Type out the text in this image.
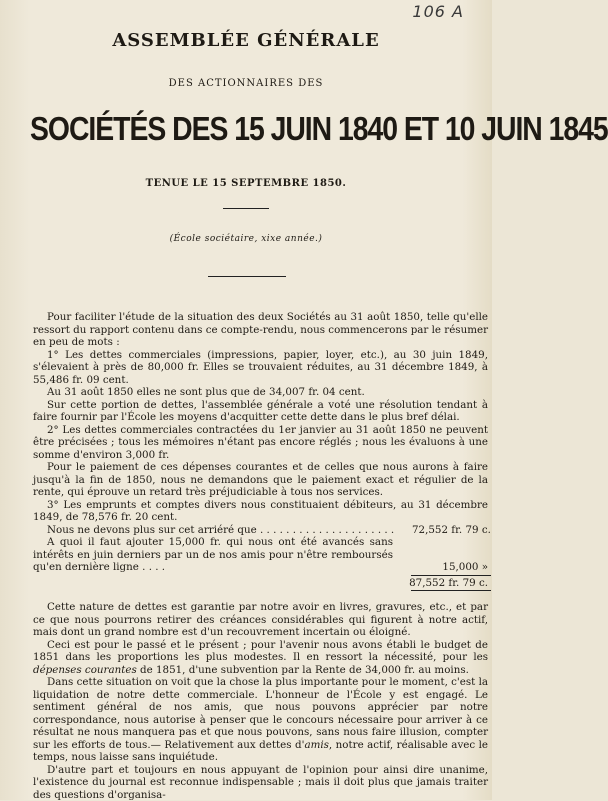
106 A
ASSEMBLÉE GÉNÉRALE
DES ACTIONNAIRES DES
SOCIÉTÉS DES 15 JUIN 1840 ET 10 JUIN 1845
TENUE LE 15 SEPTEMBRE 1850.
(École sociétaire, xixe année.)

Pour faciliter l'étude de la situation des deux Sociétés au 31 août 1850, telle qu'elle ressort du rapport contenu dans ce compte-rendu, nous commencerons par le résumer en peu de mots :

1° Les dettes commerciales (impressions, papier, loyer, etc.), au 30 juin 1849, s'élevaient à près de 80,000 fr. Elles se trouvaient réduites, au 31 décembre 1849, à 55,486 fr. 09 cent.

Au 31 août 1850 elles ne sont plus que de 34,007 fr. 04 cent.

Sur cette portion de dettes, l'assemblée générale a voté une résolution tendant à faire fournir par l'École les moyens d'acquitter cette dette dans le plus bref délai.

2° Les dettes commerciales contractées du 1er janvier au 31 août 1850 ne peuvent être précisées ; tous les mémoires n'étant pas encore réglés ; nous les évaluons à une somme d'environ 3,000 fr.

Pour le paiement de ces dépenses courantes et de celles que nous aurons à faire jusqu'à la fin de 1850, nous ne demandons que le paiement exact et régulier de la rente, qui éprouve un retard très préjudiciable à tous nos services.

3° Les emprunts et comptes divers nous constituaient débiteurs, au 31 décembre 1849, de 78,576 fr. 20 cent.

Nous ne devons plus sur cet arriéré que . . . . . . . . . . . . . . . . . . . . .	72,552 fr. 79 c.
A quoi il faut ajouter 15,000 fr. qui nous ont été avancés sans intérêts en juin derniers par un de nos amis pour n'être remboursés qu'en dernière ligne . . . .	15,000 »
87,552 fr. 79 c.

Cette nature de dettes est garantie par notre avoir en livres, gravures, etc., et par ce que nous pourrons retirer des créances considérables qui figurent à notre actif, mais dont un grand nombre est d'un recouvrement incertain ou éloigné.

Ceci est pour le passé et le présent ; pour l'avenir nous avons établi le budget de 1851 dans les proportions les plus modestes. Il en ressort la nécessité, pour les dépenses courantes de 1851, d'une subvention par la Rente de 34,000 fr. au moins.

Dans cette situation on voit que la chose la plus importante pour le moment, c'est la liquidation de notre dette commerciale. L'honneur de l'École y est engagé. Le sentiment général de nos amis, que nous pouvons apprécier par notre correspondance, nous autorise à penser que le concours nécessaire pour arriver à ce résultat ne nous manquera pas et que nous pouvons, sans nous faire illusion, compter sur les efforts de tous.— Relativement aux dettes d'amis, notre actif, réalisable avec le temps, nous laisse sans inquiétude.

D'autre part et toujours en nous appuyant de l'opinion pour ainsi dire unanime, l'existence du journal est reconnue indispensable ; mais il doit plus que jamais traiter des questions d'organisa-
